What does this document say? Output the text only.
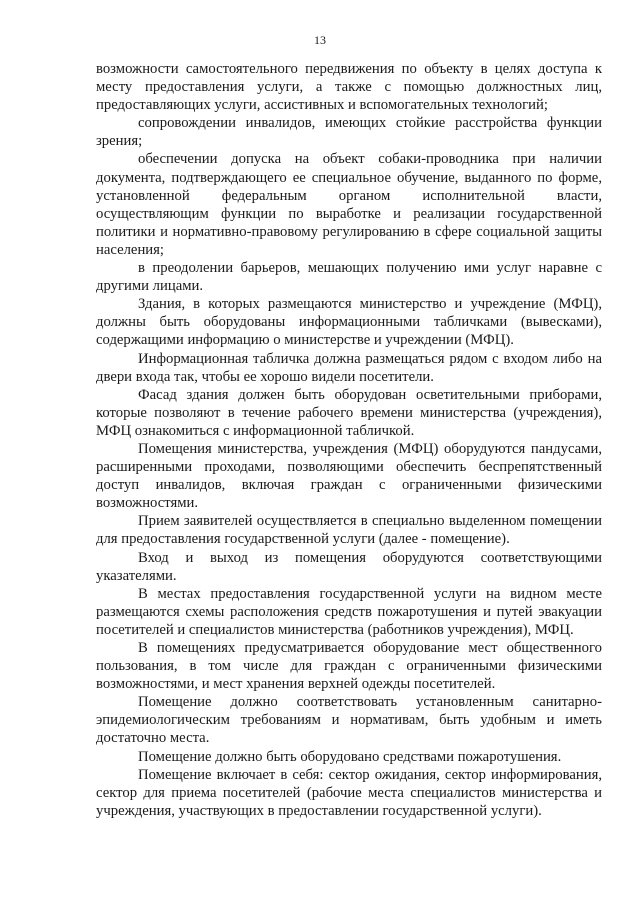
13

возможности самостоятельного передвижения по объекту в целях доступа к месту предоставления услуги, а также с помощью должностных лиц, предоставляющих услуги, ассистивных и вспомогательных технологий;

сопровождении инвалидов, имеющих стойкие расстройства функции зрения;

обеспечении допуска на объект собаки-проводника при наличии документа, подтверждающего ее специальное обучение, выданного по форме, установленной федеральным органом исполнительной власти, осуществляющим функции по выработке и реализации государственной политики и нормативно-правовому регулированию в сфере социальной защиты населения;

в преодолении барьеров, мешающих получению ими услуг наравне с другими лицами.

Здания, в которых размещаются министерство и учреждение (МФЦ), должны быть оборудованы информационными табличками (вывесками), содержащими информацию о министерстве и учреждении (МФЦ).

Информационная табличка должна размещаться рядом с входом либо на двери входа так, чтобы ее хорошо видели посетители.

Фасад здания должен быть оборудован осветительными приборами, которые позволяют в течение рабочего времени министерства (учреждения), МФЦ ознакомиться с информационной табличкой.

Помещения министерства, учреждения (МФЦ) оборудуются пандусами, расширенными проходами, позволяющими обеспечить беспрепятственный доступ инвалидов, включая граждан с ограниченными физическими возможностями.

Прием заявителей осуществляется в специально выделенном помещении для предоставления государственной услуги (далее - помещение).

Вход и выход из помещения оборудуются соответствующими указателями.

В местах предоставления государственной услуги на видном месте размещаются схемы расположения средств пожаротушения и путей эвакуации посетителей и специалистов министерства (работников учреждения), МФЦ.

В помещениях предусматривается оборудование мест общественного пользования, в том числе для граждан с ограниченными физическими возможностями, и мест хранения верхней одежды посетителей.

Помещение должно соответствовать установленным санитарно-эпидемиологическим требованиям и нормативам, быть удобным и иметь достаточно места.

Помещение должно быть оборудовано средствами пожаротушения.

Помещение включает в себя: сектор ожидания, сектор информирования, сектор для приема посетителей (рабочие места специалистов министерства и учреждения, участвующих в предоставлении государственной услуги).
